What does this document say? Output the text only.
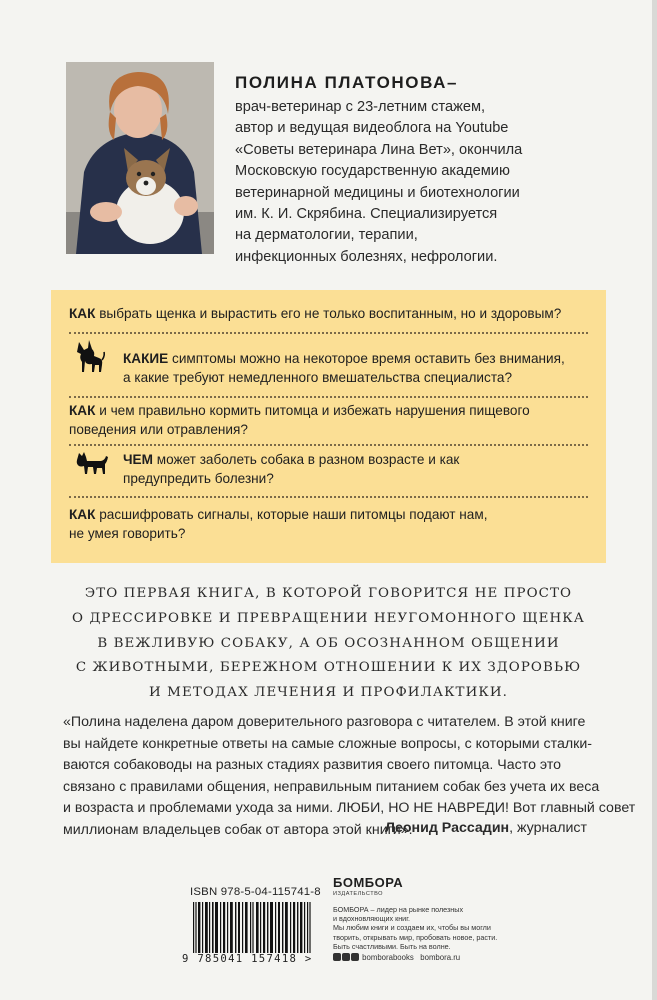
ПОЛИНА ПЛАТОНОВА–
врач-ветеринар с 23-летним стажем,
автор и ведущая видеоблога на Youtube
«Советы ветеринара Лина Вет», окончила
Московскую государственную академию
ветеринарной медицины и биотехнологии
им. К. И. Скрябина. Специализируется
на дерматологии, терапии,
инфекционных болезнях, нефрологии.
КАК выбрать щенка и вырастить его не только воспитанным, но и здоровым?
КАКИЕ симптомы можно на некоторое время оставить без внимания,
а какие требуют немедленного вмешательства специалиста?
КАК и чем правильно кормить питомца и избежать нарушения пищевого
поведения или отравления?
ЧЕМ может заболеть собака в разном возрасте и как
предупредить болезни?
КАК расшифровать сигналы, которые наши питомцы подают нам,
не умея говорить?
ЭТО ПЕРВАЯ КНИГА, В КОТОРОЙ ГОВОРИТСЯ НЕ ПРОСТО
О ДРЕССИРОВКЕ И ПРЕВРАЩЕНИИ НЕУГОМОННОГО ЩЕНКА
В ВЕЖЛИВУЮ СОБАКУ, А ОБ ОСОЗНАННОМ ОБЩЕНИИ
С ЖИВОТНЫМИ, БЕРЕЖНОМ ОТНОШЕНИИ К ИХ ЗДОРОВЬЮ
И МЕТОДАХ ЛЕЧЕНИЯ И ПРОФИЛАКТИКИ.
«Полина наделена даром доверительного разговора с читателем. В этой книге
вы найдете конкретные ответы на самые сложные вопросы, с которыми сталки-
ваются собаководы на разных стадиях развития своего питомца. Часто это
связано с правилами общения, неправильным питанием собак без учета их веса
и возраста и проблемами ухода за ними. ЛЮБИ, НО НЕ НАВРЕДИ! Вот главный совет
миллионам владельцев собак от автора этой книги».
Леонид Рассадин, журналист
ISBN 978-5-04-115741-8
9 785041 157418 >
БОМБОРА
ИЗДАТЕЛЬСТВО
БОМБОРА – лидер на рынке полезных
и вдохновляющих книг.
Мы любим книги и создаем их, чтобы вы могли
творить, открывать мир, пробовать новое, расти.
Быть счастливыми. Быть на волне.
bomborabooks bombora.ru
